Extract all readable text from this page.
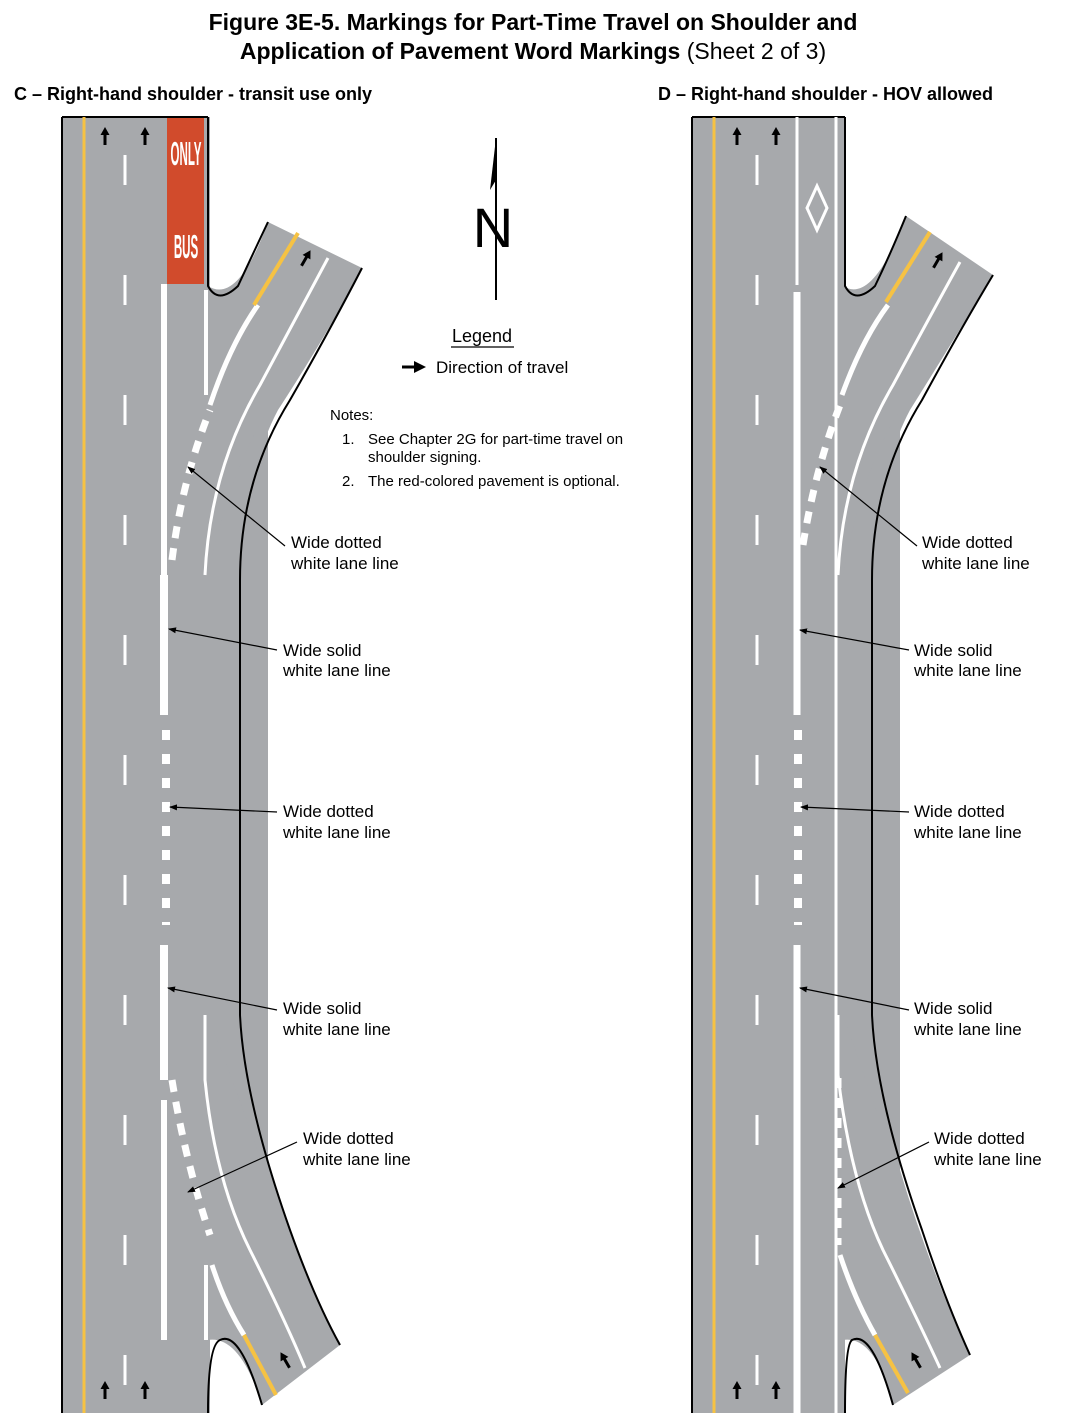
Figure 3E-5. Markings for Part-Time Travel on Shoulder and
Application of Pavement Word Markings (Sheet 2 of 3)
C – Right-hand shoulder - transit use only	D – Right-hand shoulder - HOV allowed
ONLY
BUS	N
Legend
Direction of travel
Notes:
1. See Chapter 2G for part-time travel on
shoulder signing.
2. The red-colored pavement is optional.
Wide dotted
white lane line
Wide solid
white lane line
Wide dotted
white lane line
Wide solid
white lane line
Wide dotted
white lane line
Wide dotted
white lane line
Wide solid
white lane line
Wide dotted
white lane line
Wide solid
white lane line
Wide dotted
white lane line
